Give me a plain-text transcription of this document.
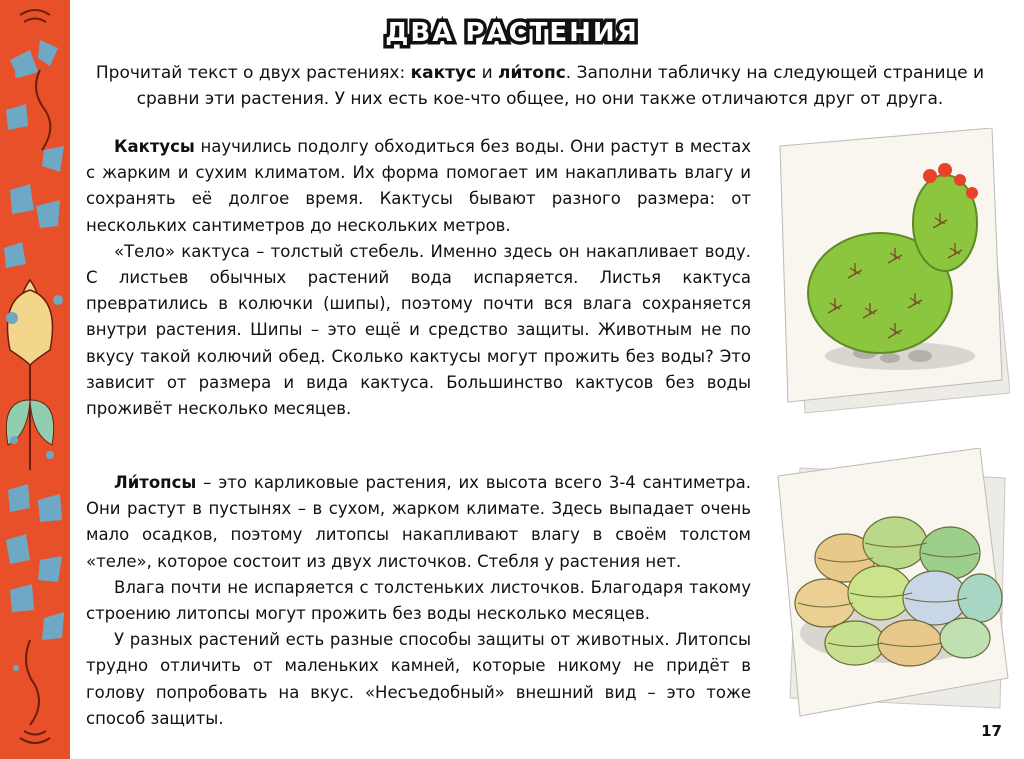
ДВА РАСТЕНИЯ
Прочитай текст о двух растениях: кактус и ли́топс. Заполни табличку на следующей странице и сравни эти растения. У них есть кое-что общее, но они также отличаются друг от друга.

Кактусы научились подолгу обходиться без воды. Они растут в местах с жарким и сухим климатом. Их форма помогает им накапливать влагу и сохранять её долгое время. Кактусы бывают разного размера: от нескольких сантиметров до нескольких метров.

«Тело» кактуса – толстый стебель. Именно здесь он накапливает воду. С листьев обычных растений вода испаряется. Листья кактуса превратились в колючки (шипы), поэтому почти вся влага сохраняется внутри растения. Шипы – это ещё и средство защиты. Животным не по вкусу такой колючий обед. Сколько кактусы могут прожить без воды? Это зависит от размера и вида кактуса. Большинство кактусов без воды проживёт несколько месяцев.

Ли́топсы – это карликовые растения, их высота всего 3-4 сантиметра. Они растут в пустынях – в сухом, жарком климате. Здесь выпадает очень мало осадков, поэтому литопсы накапливают влагу в своём толстом «теле», которое состоит из двух листочков. Стебля у растения нет.

Влага почти не испаряется с толстеньких листочков. Благодаря такому строению литопсы могут прожить без воды несколько месяцев.

У разных растений есть разные способы защиты от животных. Литопсы трудно отличить от маленьких камней, которые никому не придёт в голову попробовать на вкус. «Несъедобный» внешний вид – это тоже способ защиты.

17
